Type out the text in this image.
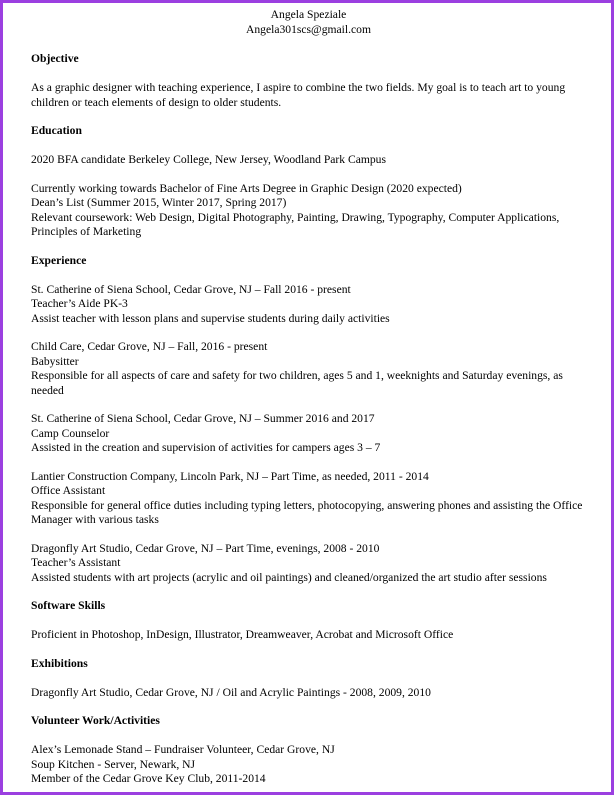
Angela Speziale
Angela301scs@gmail.com
Objective
As a graphic designer with teaching experience, I aspire to combine the two fields. My goal is to teach art to young children or teach elements of design to older students.
Education
2020 BFA candidate Berkeley College, New Jersey, Woodland Park Campus
Currently working towards Bachelor of Fine Arts Degree in Graphic Design (2020 expected)
Dean’s List (Summer 2015, Winter 2017, Spring 2017)
Relevant coursework: Web Design, Digital Photography, Painting, Drawing, Typography, Computer Applications, Principles of Marketing
Experience
St. Catherine of Siena School, Cedar Grove, NJ – Fall 2016 - present
Teacher’s Aide PK-3
Assist teacher with lesson plans and supervise students during daily activities
Child Care, Cedar Grove, NJ – Fall, 2016 - present
Babysitter
Responsible for all aspects of care and safety for two children, ages 5 and 1, weeknights and Saturday evenings, as needed
St. Catherine of Siena School, Cedar Grove, NJ – Summer 2016 and 2017
Camp Counselor
Assisted in the creation and supervision of activities for campers ages 3 – 7
Lantier Construction Company, Lincoln Park, NJ – Part Time, as needed, 2011 - 2014
Office Assistant
Responsible for general office duties including typing letters, photocopying, answering phones and assisting the Office Manager with various tasks
Dragonfly Art Studio, Cedar Grove, NJ – Part Time, evenings, 2008 - 2010
Teacher’s Assistant
Assisted students with art projects (acrylic and oil paintings) and cleaned/organized the art studio after sessions
Software Skills
Proficient in Photoshop, InDesign, Illustrator, Dreamweaver, Acrobat and Microsoft Office
Exhibitions
Dragonfly Art Studio, Cedar Grove, NJ / Oil and Acrylic Paintings - 2008, 2009, 2010
Volunteer Work/Activities
Alex’s Lemonade Stand – Fundraiser Volunteer, Cedar Grove, NJ
Soup Kitchen - Server, Newark, NJ
Member of the Cedar Grove Key Club, 2011-2014
